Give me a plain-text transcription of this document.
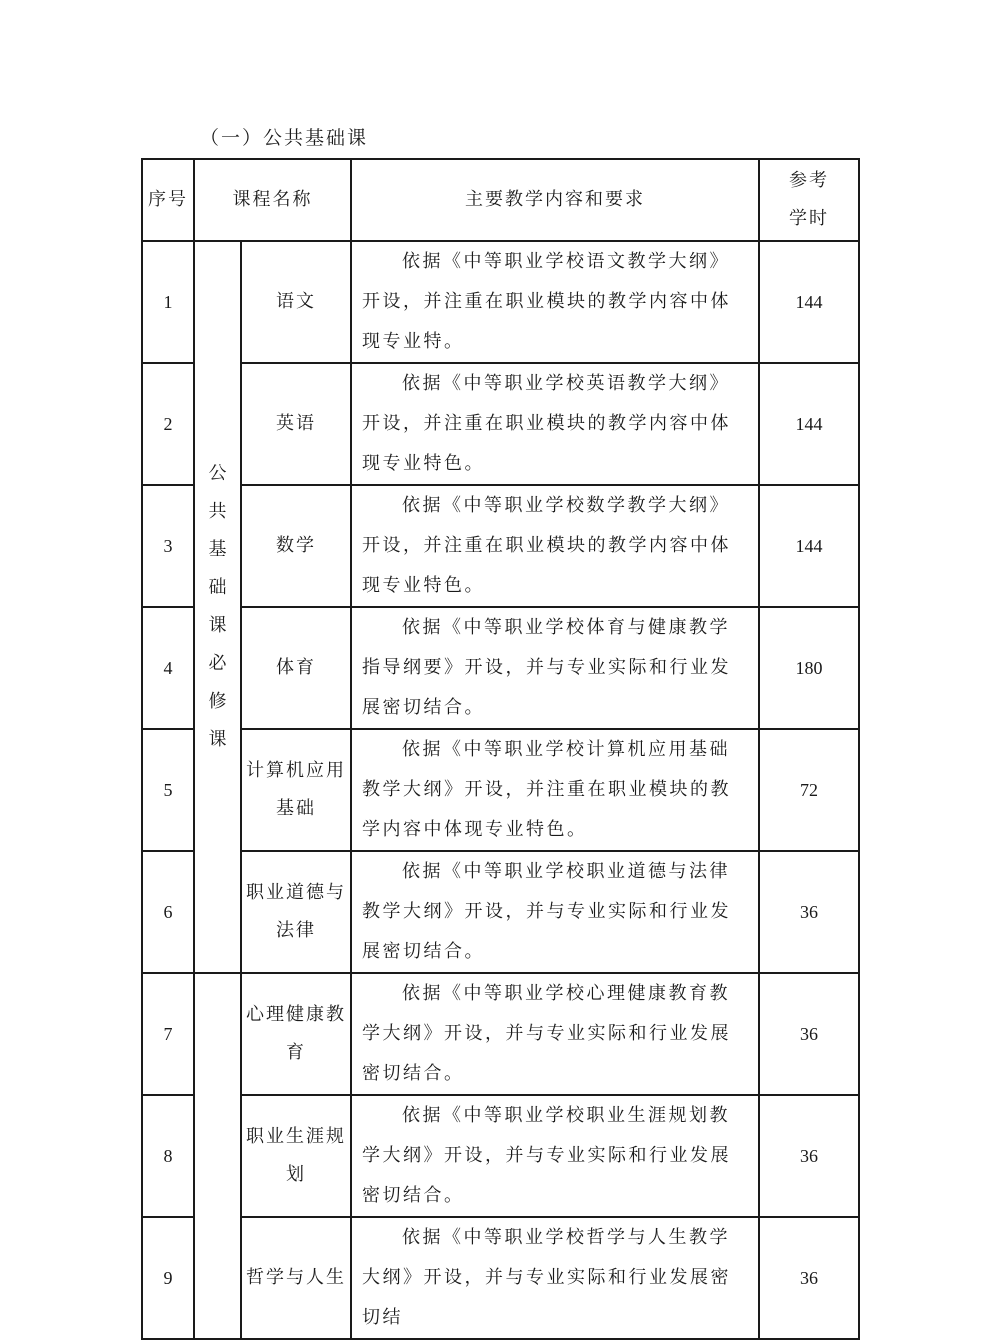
（一）公共基础课
序号	课程名称		主要教学内容和要求	参考学时
1	公共基础课必修课	语文	依据《中等职业学校语文教学大纲》开设，并注重在职业模块的教学内容中体现专业特。	144
2		英语	依据《中等职业学校英语教学大纲》开设，并注重在职业模块的教学内容中体现专业特色。	144
3		数学	依据《中等职业学校数学教学大纲》开设，并注重在职业模块的教学内容中体现专业特色。	144
4		体育	依据《中等职业学校体育与健康教学指导纲要》开设，并与专业实际和行业发展密切结合。	180
5		计算机应用基础	依据《中等职业学校计算机应用基础教学大纲》开设，并注重在职业模块的教学内容中体现专业特色。	72
6		职业道德与法律	依据《中等职业学校职业道德与法律教学大纲》开设，并与专业实际和行业发展密切结合。	36
7		心理健康教育	依据《中等职业学校心理健康教育教学大纲》开设，并与专业实际和行业发展密切结合。	36
8		职业生涯规划	依据《中等职业学校职业生涯规划教学大纲》开设，并与专业实际和行业发展密切结合。	36
9		哲学与人生	依据《中等职业学校哲学与人生教学大纲》开设，并与专业实际和行业发展密切结	36
